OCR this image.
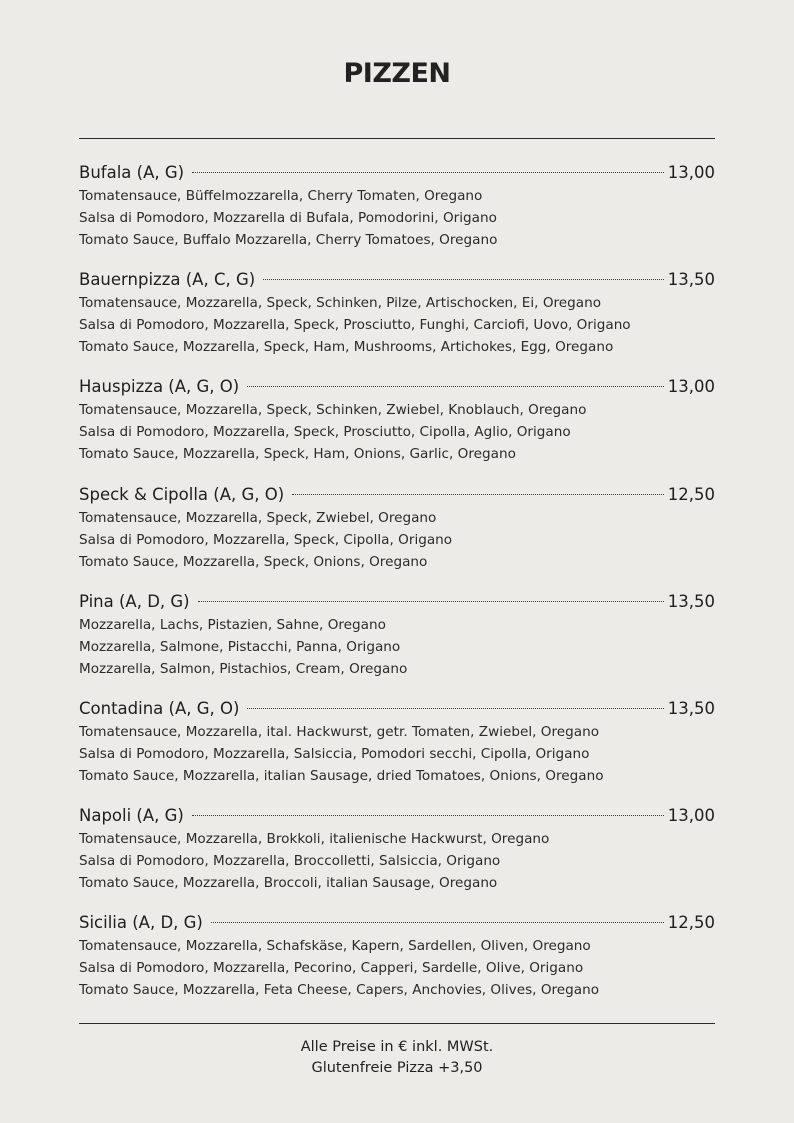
PIZZEN
Bufala (A, G)	13,00
Tomatensauce, Büffelmozzarella, Cherry Tomaten, Oregano
Salsa di Pomodoro, Mozzarella di Bufala, Pomodorini, Origano
Tomato Sauce, Buffalo Mozzarella, Cherry Tomatoes, Oregano
Bauernpizza (A, C, G)	13,50
Tomatensauce, Mozzarella, Speck, Schinken, Pilze, Artischocken, Ei, Oregano
Salsa di Pomodoro, Mozzarella, Speck, Prosciutto, Funghi, Carciofi, Uovo, Origano
Tomato Sauce, Mozzarella, Speck, Ham, Mushrooms, Artichokes, Egg, Oregano
Hauspizza (A, G, O)	13,00
Tomatensauce, Mozzarella, Speck, Schinken, Zwiebel, Knoblauch, Oregano
Salsa di Pomodoro, Mozzarella, Speck, Prosciutto, Cipolla, Aglio, Origano
Tomato Sauce, Mozzarella, Speck, Ham, Onions, Garlic, Oregano
Speck & Cipolla (A, G, O)	12,50
Tomatensauce, Mozzarella, Speck, Zwiebel, Oregano
Salsa di Pomodoro, Mozzarella, Speck, Cipolla, Origano
Tomato Sauce, Mozzarella, Speck, Onions, Oregano
Pina (A, D, G)	13,50
Mozzarella, Lachs, Pistazien, Sahne, Oregano
Mozzarella, Salmone, Pistacchi, Panna, Origano
Mozzarella, Salmon, Pistachios, Cream, Oregano
Contadina (A, G, O)	13,50
Tomatensauce, Mozzarella, ital. Hackwurst, getr. Tomaten, Zwiebel, Oregano
Salsa di Pomodoro, Mozzarella, Salsiccia, Pomodori secchi, Cipolla, Origano
Tomato Sauce, Mozzarella, italian Sausage, dried Tomatoes, Onions, Oregano
Napoli (A, G)	13,00
Tomatensauce, Mozzarella, Brokkoli, italienische Hackwurst, Oregano
Salsa di Pomodoro, Mozzarella, Broccolletti, Salsiccia, Origano
Tomato Sauce, Mozzarella, Broccoli, italian Sausage, Oregano
Sicilia (A, D, G)	12,50
Tomatensauce, Mozzarella, Schafskäse, Kapern, Sardellen, Oliven, Oregano
Salsa di Pomodoro, Mozzarella, Pecorino, Capperi, Sardelle, Olive, Origano
Tomato Sauce, Mozzarella, Feta Cheese, Capers, Anchovies, Olives, Oregano
Alle Preise in € inkl. MWSt.
Glutenfreie Pizza +3,50
